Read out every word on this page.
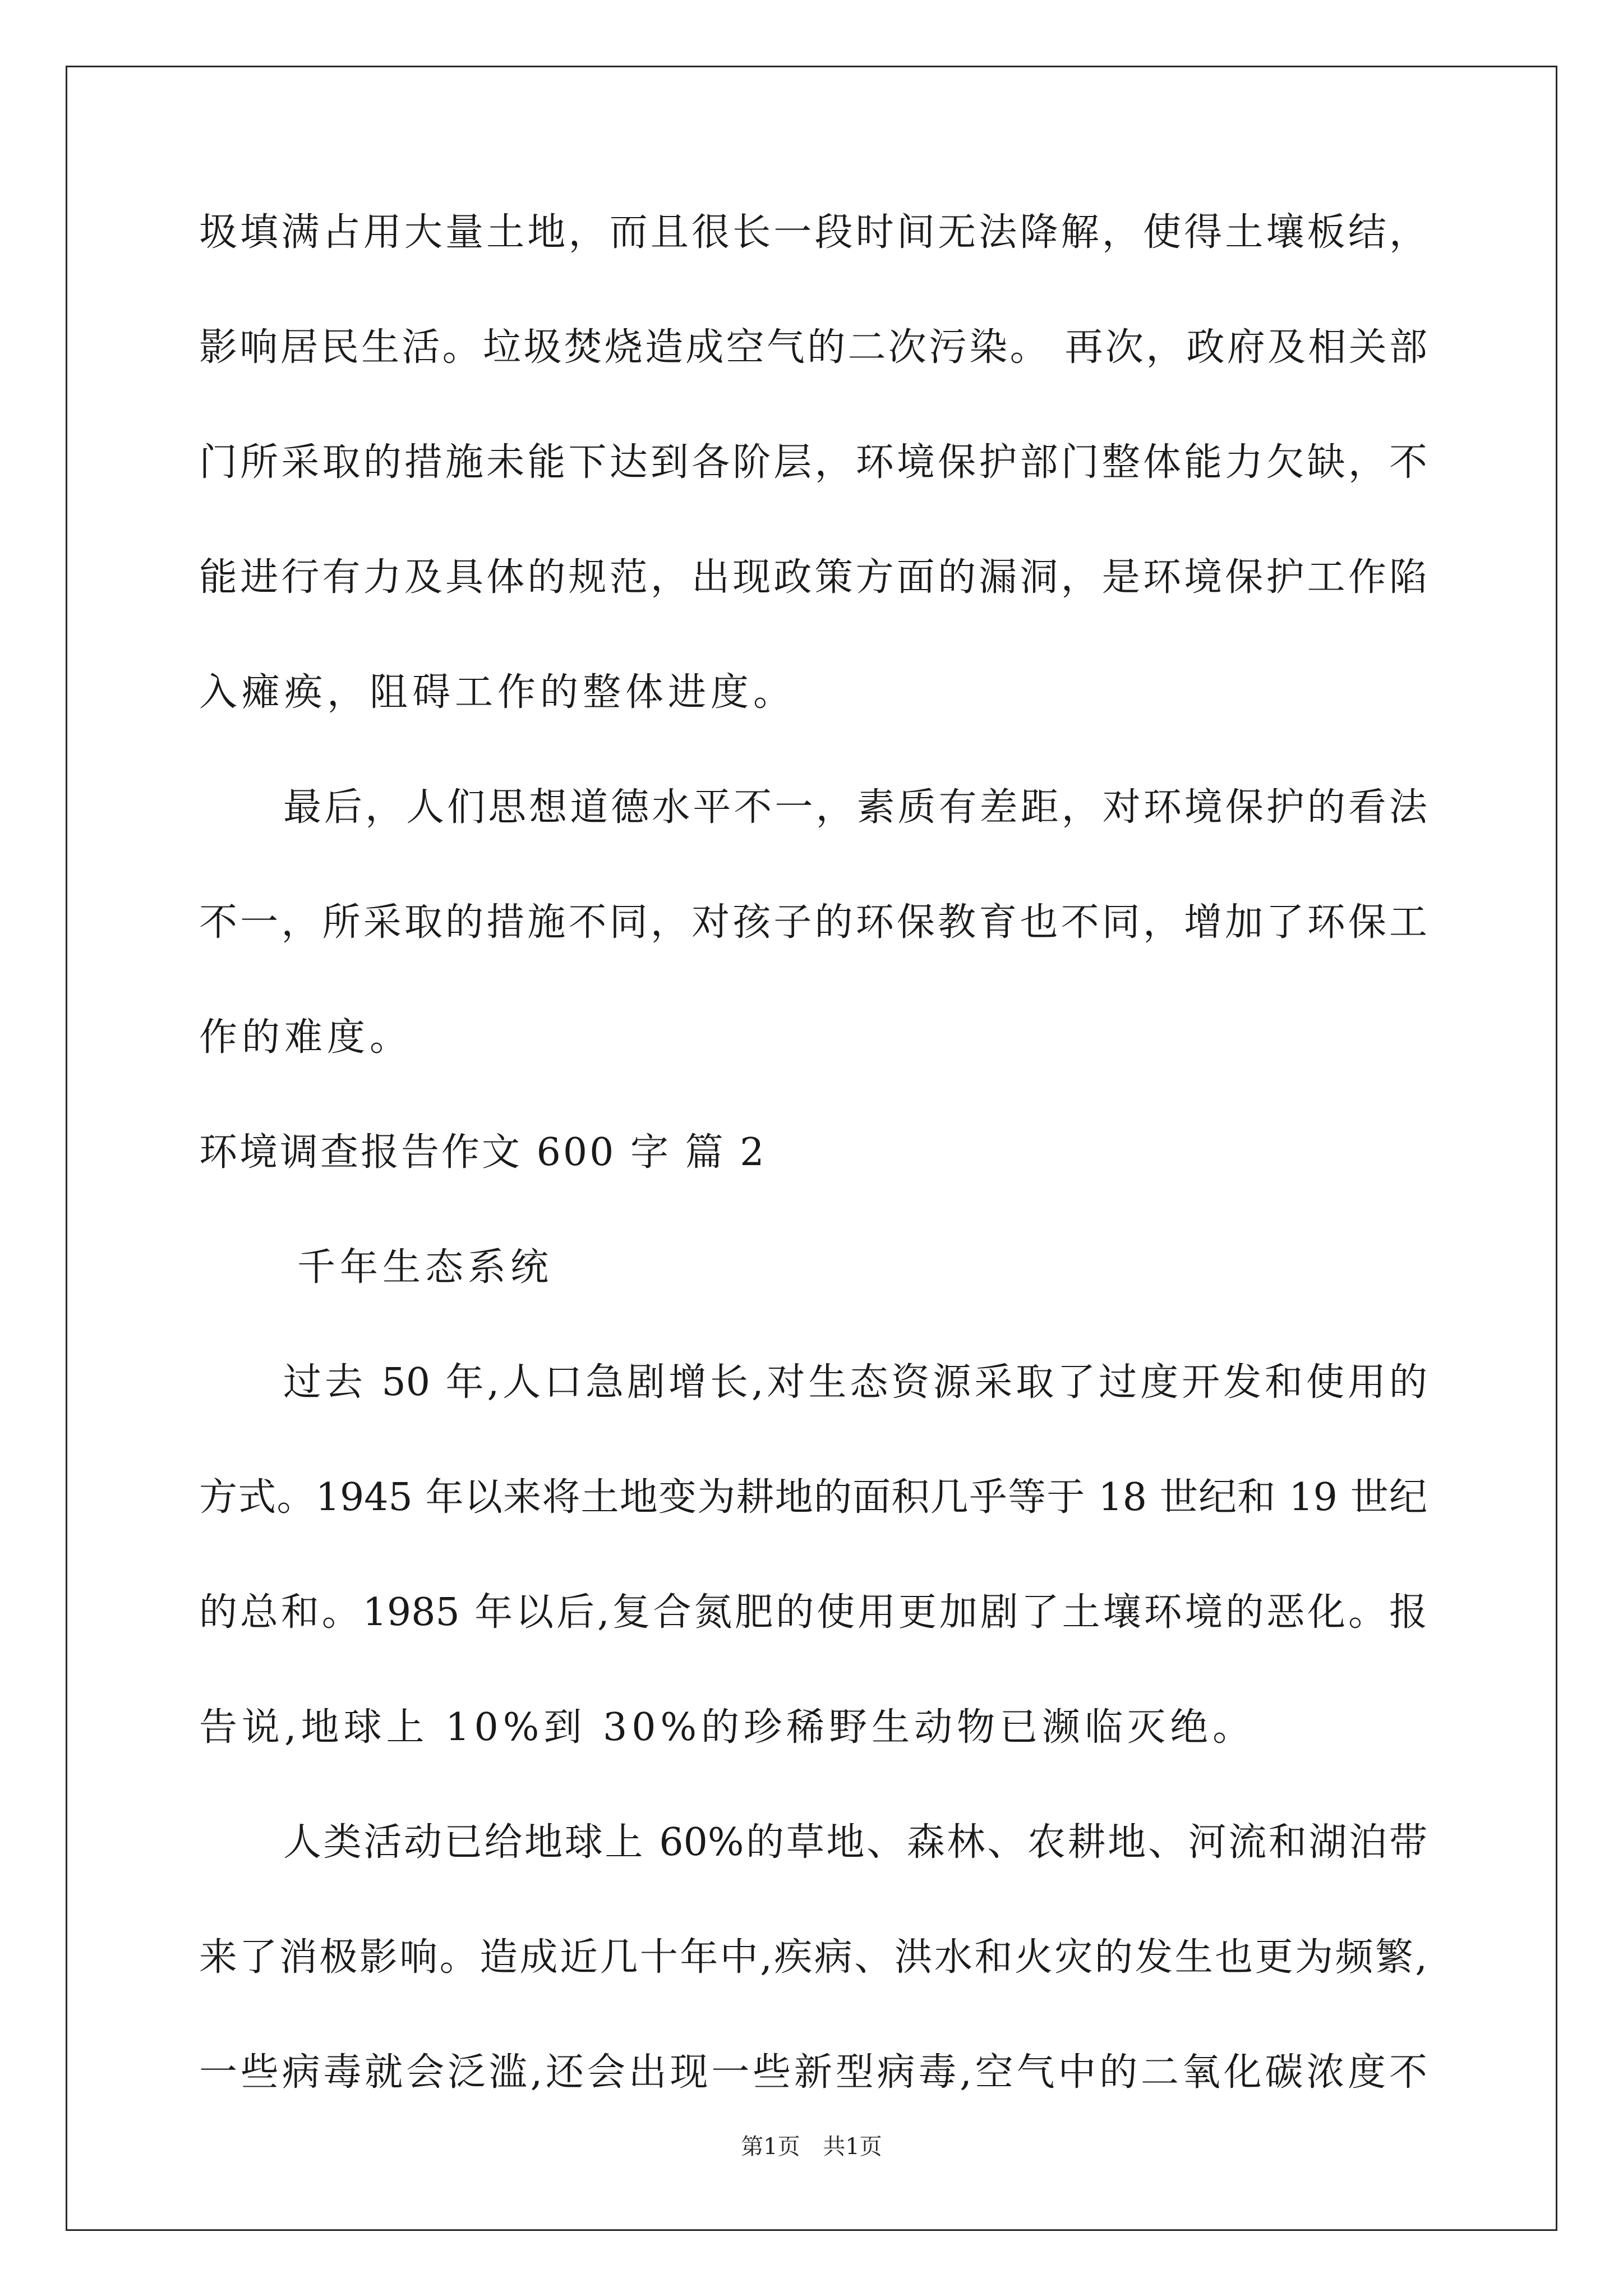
圾填满占用大量土地，而且很长一段时间无法降解，使得土壤板结，
影响居民生活。垃圾焚烧造成空气的二次污染。 再次，政府及相关部
门所采取的措施未能下达到各阶层，环境保护部门整体能力欠缺，不
能进行有力及具体的规范，出现政策方面的漏洞，是环境保护工作陷
入瘫痪，阻碍工作的整体进度。
最后，人们思想道德水平不一，素质有差距，对环境保护的看法
不一，所采取的措施不同，对孩子的环保教育也不同，增加了环保工
作的难度。
环境调查报告作文 600 字 篇 2
千年生态系统
过去 50 年,人口急剧增长,对生态资源采取了过度开发和使用的
方式。1945 年以来将土地变为耕地的面积几乎等于 18 世纪和 19 世纪
的总和。1985 年以后,复合氮肥的使用更加剧了土壤环境的恶化。报
告说,地球上 10%到 30%的珍稀野生动物已濒临灭绝。
人类活动已给地球上 60%的草地、森林、农耕地、河流和湖泊带
来了消极影响。造成近几十年中,疾病、洪水和火灾的发生也更为频繁,
一些病毒就会泛滥,还会出现一些新型病毒,空气中的二氧化碳浓度不
第1页 共1页
